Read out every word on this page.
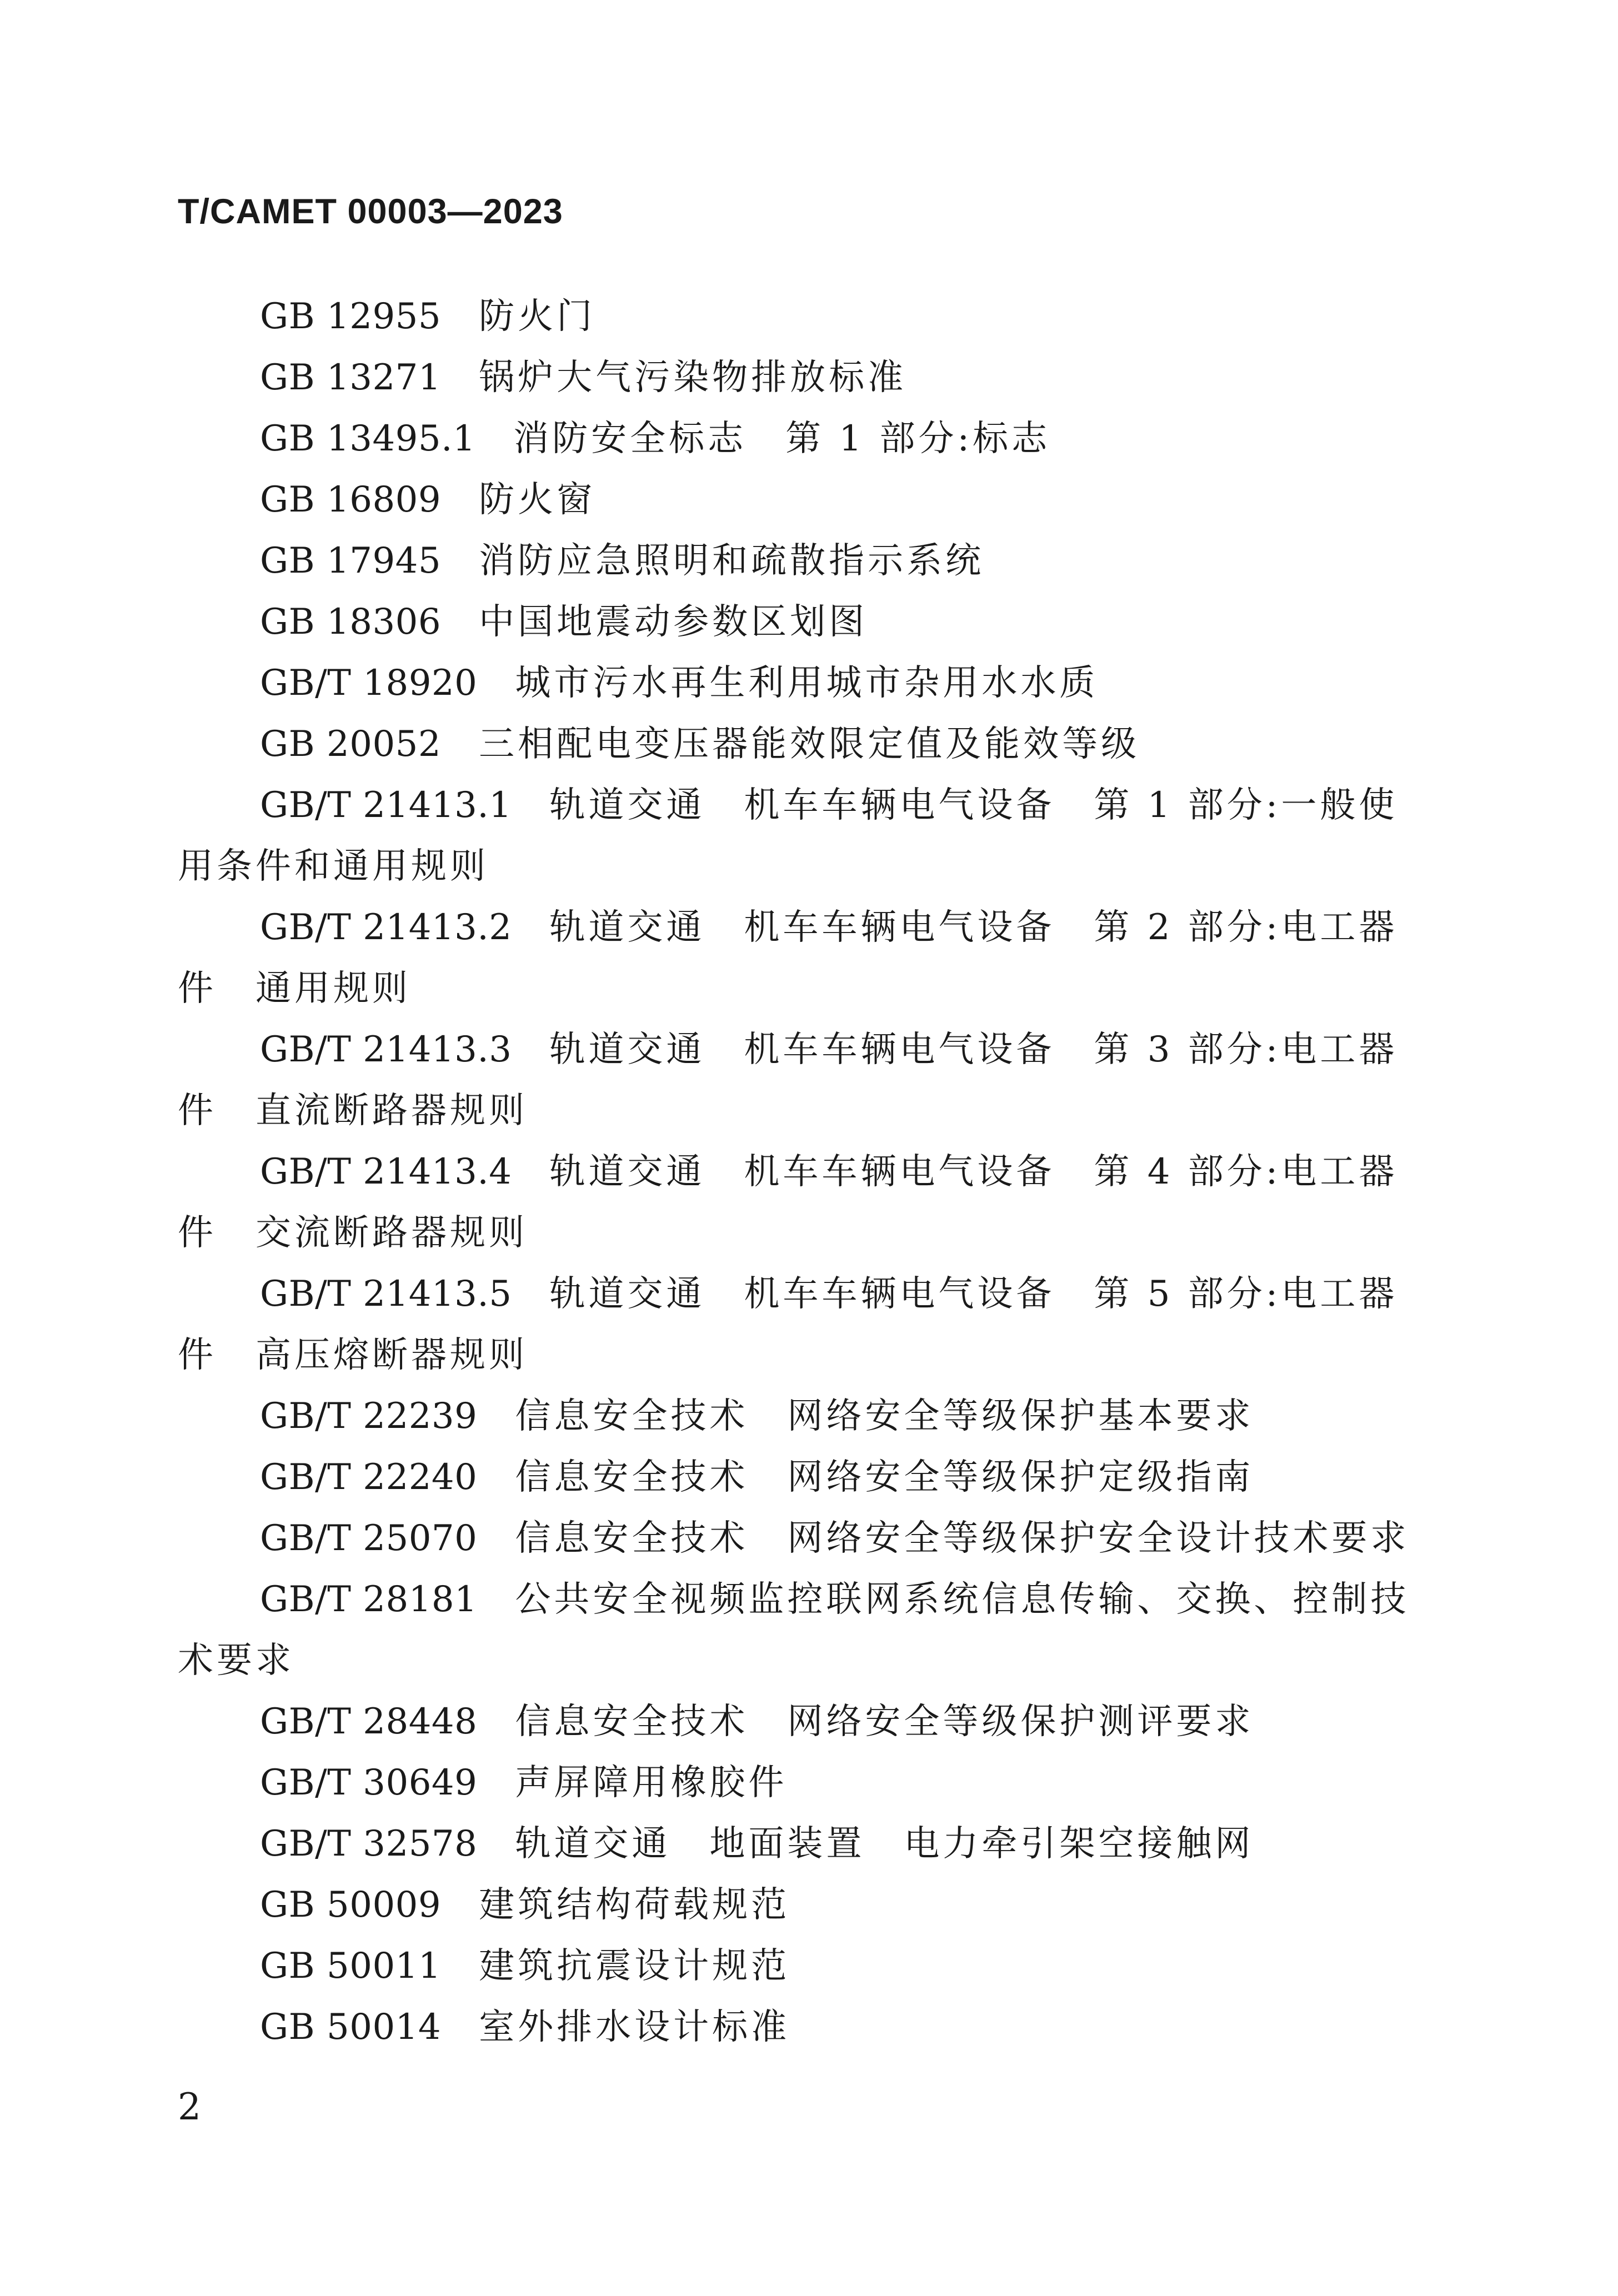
T/CAMET 00003—2023
GB 12955 防火门
GB 13271 锅炉大气污染物排放标准
GB 13495.1 消防安全标志　第 1 部分:标志
GB 16809 防火窗
GB 17945 消防应急照明和疏散指示系统
GB 18306 中国地震动参数区划图
GB/T 18920 城市污水再生利用城市杂用水水质
GB 20052 三相配电变压器能效限定值及能效等级
GB/T 21413.1 轨道交通　机车车辆电气设备　第 1 部分:一般使
用条件和通用规则
GB/T 21413.2 轨道交通　机车车辆电气设备　第 2 部分:电工器
件　通用规则
GB/T 21413.3 轨道交通　机车车辆电气设备　第 3 部分:电工器
件　直流断路器规则
GB/T 21413.4 轨道交通　机车车辆电气设备　第 4 部分:电工器
件　交流断路器规则
GB/T 21413.5 轨道交通　机车车辆电气设备　第 5 部分:电工器
件　高压熔断器规则
GB/T 22239 信息安全技术　网络安全等级保护基本要求
GB/T 22240 信息安全技术　网络安全等级保护定级指南
GB/T 25070 信息安全技术　网络安全等级保护安全设计技术要求
GB/T 28181 公共安全视频监控联网系统信息传输、交换、控制技
术要求
GB/T 28448 信息安全技术　网络安全等级保护测评要求
GB/T 30649 声屏障用橡胶件
GB/T 32578 轨道交通　地面装置　电力牵引架空接触网
GB 50009 建筑结构荷载规范
GB 50011 建筑抗震设计规范
GB 50014 室外排水设计标准
2
